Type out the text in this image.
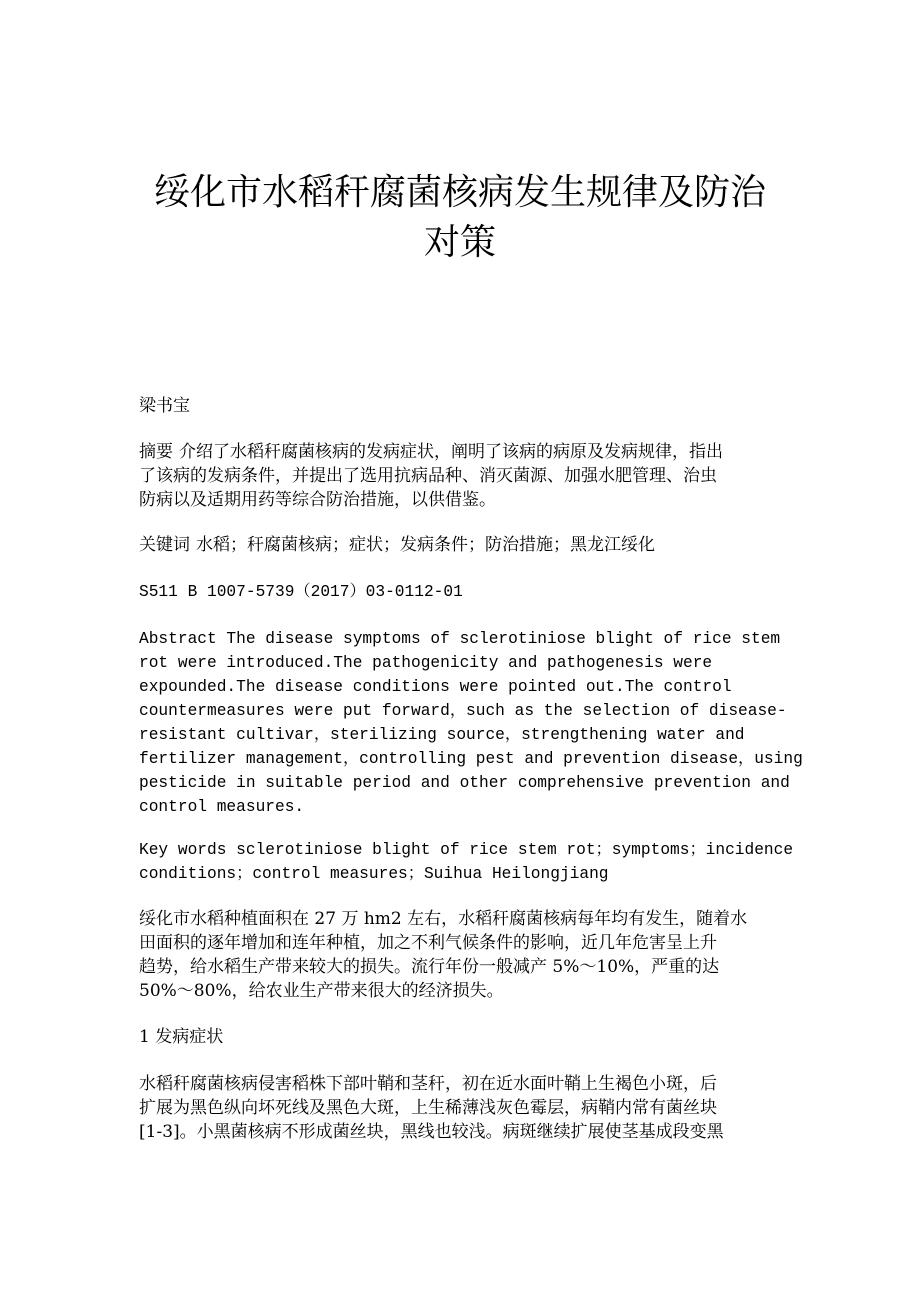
绥化市水稻秆腐菌核病发生规律及防治
对策

梁书宝

摘要 介绍了水稻秆腐菌核病的发病症状，阐明了该病的病原及发病规律，指出
了该病的发病条件，并提出了选用抗病品种、消灭菌源、加强水肥管理、治虫
防病以及适期用药等综合防治措施，以供借鉴。
关键词 水稻；秆腐菌核病；症状；发病条件；防治措施；黑龙江绥化
S511 B 1007-5739（2017）03-0112-01
Abstract The disease symptoms of sclerotiniose blight of rice stem
rot were introduced.The pathogenicity and pathogenesis were
expounded.The disease conditions were pointed out.The control
countermeasures were put forward，such as the selection of disease-
resistant cultivar，sterilizing source，strengthening water and
fertilizer management，controlling pest and prevention disease，using
pesticide in suitable period and other comprehensive prevention and
control measures.
Key words sclerotiniose blight of rice stem rot；symptoms；incidence
conditions；control measures；Suihua Heilongjiang
绥化市水稻种植面积在 27 万 hm2 左右，水稻秆腐菌核病每年均有发生，随着水
田面积的逐年增加和连年种植，加之不利气候条件的影响，近几年危害呈上升
趋势，给水稻生产带来较大的损失。流行年份一般减产 5%～10%，严重的达
50%～80%，给农业生产带来很大的经济损失。
1 发病症状
水稻秆腐菌核病侵害稻株下部叶鞘和茎秆，初在近水面叶鞘上生褐色小斑，后
扩展为黑色纵向坏死线及黑色大斑，上生稀薄浅灰色霉层，病鞘内常有菌丝块
[1-3]。小黑菌核病不形成菌丝块，黑线也较浅。病斑继续扩展使茎基成段变黑
